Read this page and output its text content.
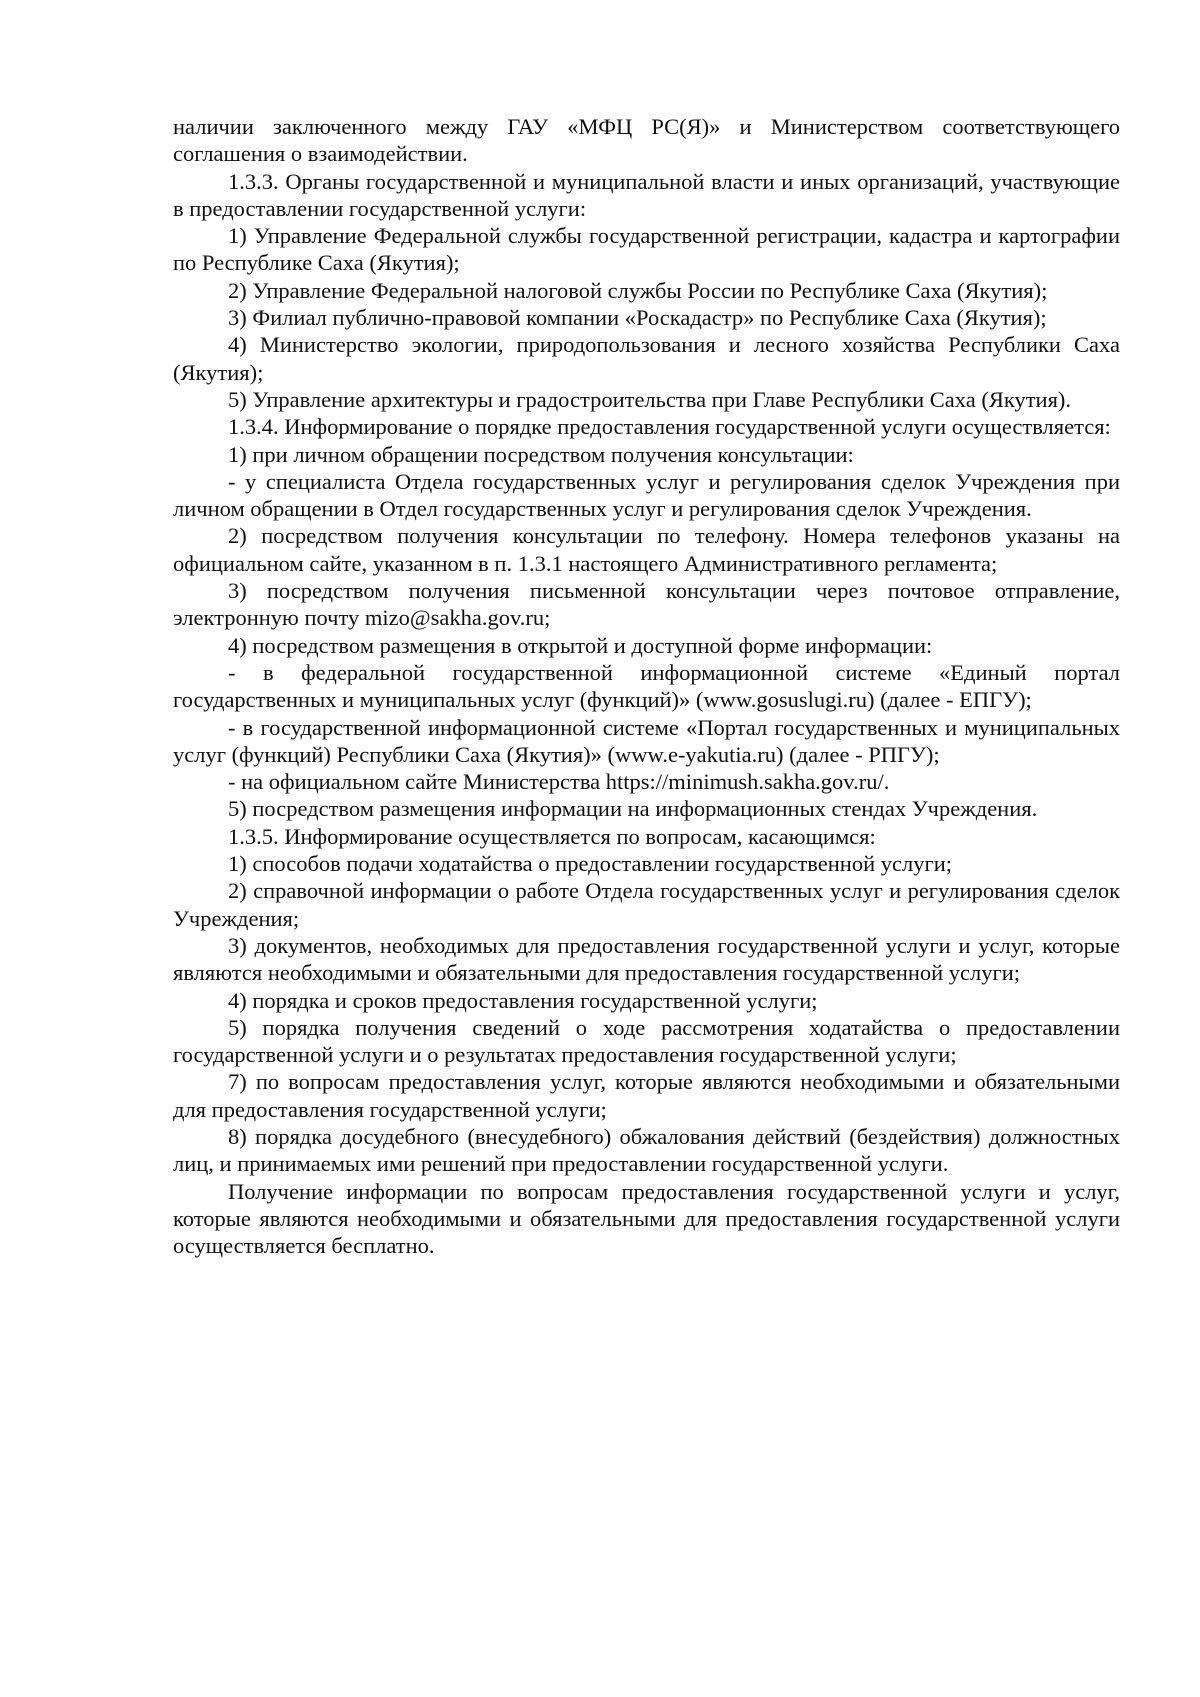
наличии заключенного между ГАУ «МФЦ РС(Я)» и Министерством соответствующего соглашения о взаимодействии.

1.3.3. Органы государственной и муниципальной власти и иных организаций, участвующие в предоставлении государственной услуги:

1) Управление Федеральной службы государственной регистрации, кадастра и картографии по Республике Саха (Якутия);

2) Управление Федеральной налоговой службы России по Республике Саха (Якутия);

3) Филиал публично-правовой компании «Роскадастр» по Республике Саха (Якутия);

4) Министерство экологии, природопользования и лесного хозяйства Республики Саха (Якутия);

5) Управление архитектуры и градостроительства при Главе Республики Саха (Якутия).

1.3.4. Информирование о порядке предоставления государственной услуги осуществляется:

1) при личном обращении посредством получения консультации:

- у специалиста Отдела государственных услуг и регулирования сделок Учреждения при личном обращении в Отдел государственных услуг и регулирования сделок Учреждения.

2) посредством получения консультации по телефону. Номера телефонов указаны на официальном сайте, указанном в п. 1.3.1 настоящего Административного регламента;

3) посредством получения письменной консультации через почтовое отправление, электронную почту mizo@sakha.gov.ru;

4) посредством размещения в открытой и доступной форме информации:

- в федеральной государственной информационной системе «Единый портал государственных и муниципальных услуг (функций)» (www.gosuslugi.ru) (далее - ЕПГУ);

- в государственной информационной системе «Портал государственных и муниципальных услуг (функций) Республики Саха (Якутия)» (www.e-yakutia.ru) (далее - РПГУ);

- на официальном сайте Министерства https://minimush.sakha.gov.ru/.

5) посредством размещения информации на информационных стендах Учреждения.

1.3.5. Информирование осуществляется по вопросам, касающимся:

1) способов подачи ходатайства о предоставлении государственной услуги;

2) справочной информации о работе Отдела государственных услуг и регулирования сделок Учреждения;

3) документов, необходимых для предоставления государственной услуги и услуг, которые являются необходимыми и обязательными для предоставления государственной услуги;

4) порядка и сроков предоставления государственной услуги;

5) порядка получения сведений о ходе рассмотрения ходатайства о предоставлении государственной услуги и о результатах предоставления государственной услуги;

7) по вопросам предоставления услуг, которые являются необходимыми и обязательными для предоставления государственной услуги;

8) порядка досудебного (внесудебного) обжалования действий (бездействия) должностных лиц, и принимаемых ими решений при предоставлении государственной услуги.

Получение информации по вопросам предоставления государственной услуги и услуг, которые являются необходимыми и обязательными для предоставления государственной услуги осуществляется бесплатно.
